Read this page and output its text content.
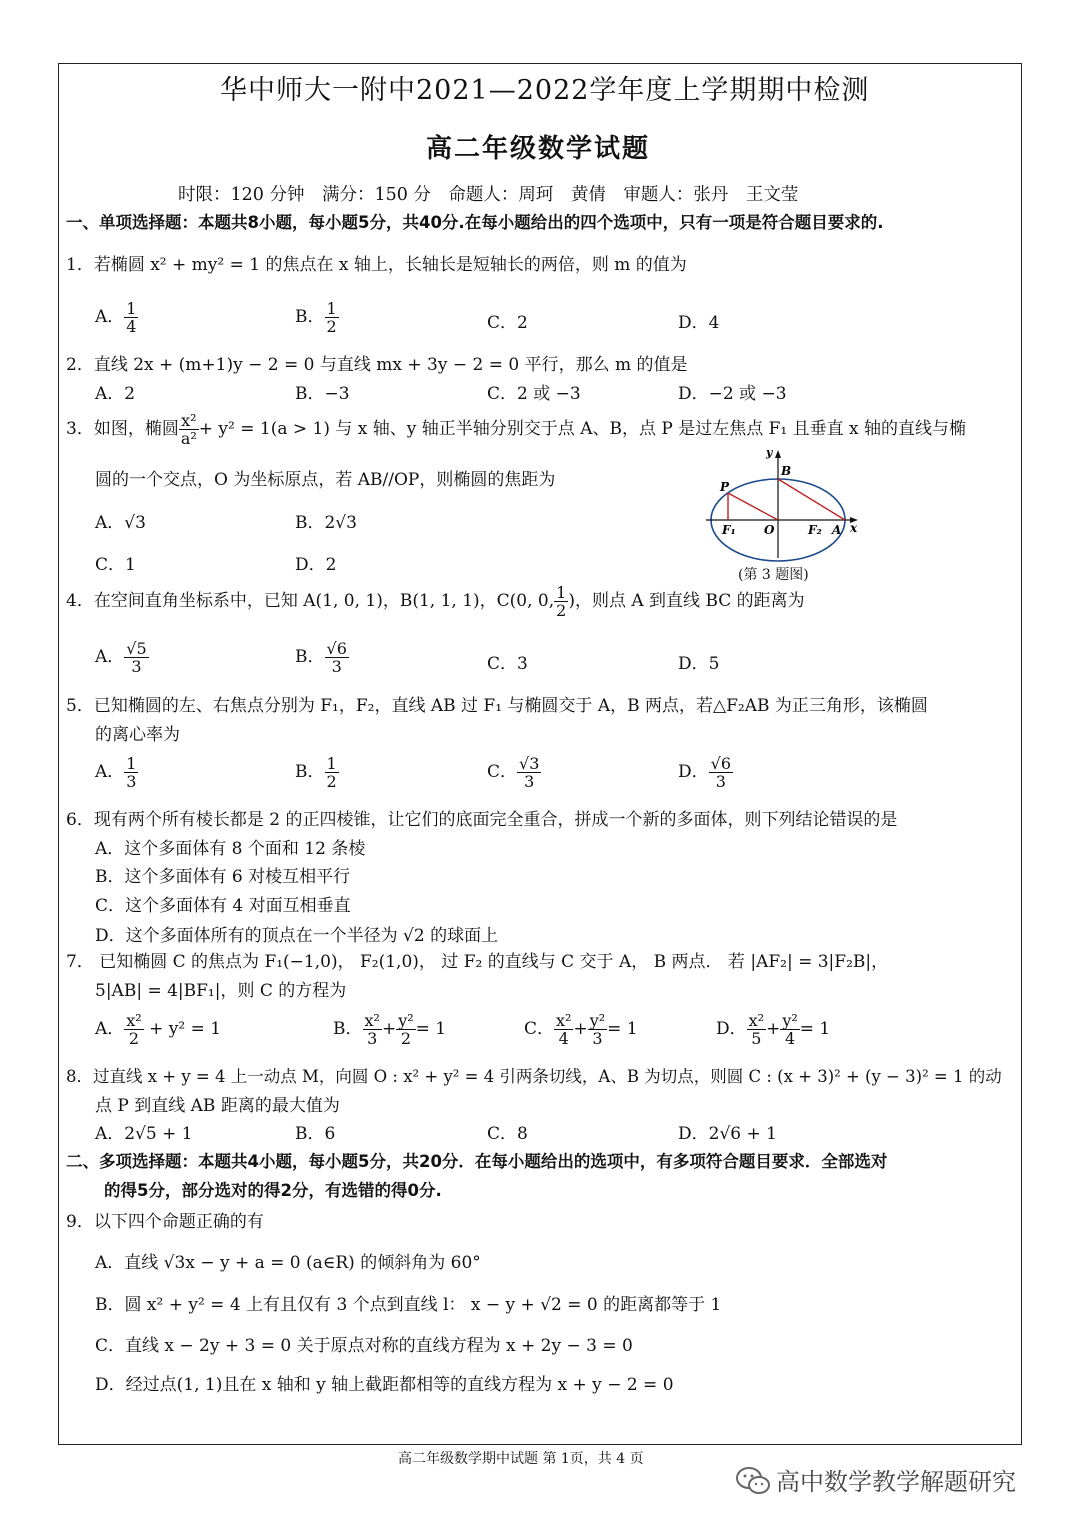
华中师大一附中2021—2022学年度上学期期中检测
高二年级数学试题
时限：120 分钟　满分：150 分　命题人：周珂　黄倩　审题人：张丹　王文莹
一、单项选择题：本题共8小题，每小题5分，共40分.在每小题给出的四个选项中，只有一项是符合题目要求的.
1．若椭圆 x² + my² = 1 的焦点在 x 轴上，长轴长是短轴长的两倍，则 m 的值为
A． $\frac{1}{4}$	B． $\frac{1}{2}$	C．2	D．4
2．直线 2x + (m+1)y − 2 = 0 与直线 mx + 3y − 2 = 0 平行，那么 m 的值是
A．2	B．−3	C．2 或 −3	D．−2 或 −3
3．如图，椭圆 $\frac{\text{x²}}{\text{a²}} + y^2 = 1(a > 1)$ 与 x 轴、y 轴正半轴分别交于点 A、B，点 P 是过左焦点 F₁ 且垂直 x 轴的直线与椭
圆的一个交点，O 为坐标原点，若 AB//OP，则椭圆的焦距为
A．√3	B．2√3
C．1	D．2
y
B
P
F₁ O	F₂ A x
(第 3 题图)
4．在空间直角坐标系中，已知 A(1, 0, 1)，B(1, 1, 1)，C(0, 0, $\frac{1}{2}$ )，则点 A 到直线 BC 的距离为
A． $\frac{√5}{3}$	B． $\frac{√6}{3}$	C．3	D．5
5．已知椭圆的左、右焦点分别为 F₁，F₂，直线 AB 过 F₁ 与椭圆交于 A，B 两点，若△F₂AB 为正三角形，该椭圆
的离心率为
A． $\frac{1}{3}$	B． $\frac{1}{2}$	C． $\frac{√3}{3}$	D． $\frac{√6}{3}$
6．现有两个所有棱长都是 2 的正四棱锥，让它们的底面完全重合，拼成一个新的多面体，则下列结论错误的是
A．这个多面体有 8 个面和 12 条棱
B．这个多面体有 6 对棱互相平行
C．这个多面体有 4 对面互相垂直
D．这个多面体所有的顶点在一个半径为 √2 的球面上
7． 已知椭圆 C 的焦点为 F₁(−1,0)， F₂(1,0)， 过 F₂ 的直线与 C 交于 A， B 两点． 若 |AF₂| = 3|F₂B|，
5|AB| = 4|BF₁|，则 C 的方程为
A． $\frac{\text{x²}}{2} + y^2 = 1$	B． $\frac{\text{x²}}{3} + \frac{\text{y²}}{2} = 1$	C． $\frac{\text{x²}}{4} + \frac{\text{y²}}{3} = 1$	D． $\frac{\text{x²}}{5} + \frac{\text{y²}}{4} = 1$
8．过直线 x + y = 4 上一动点 M，向圆 O : x² + y² = 4 引两条切线，A、B 为切点，则圆 C : (x + 3)² + (y − 3)² = 1 的动
点 P 到直线 AB 距离的最大值为
A．2√5 + 1	B．6	C．8	D．2√6 + 1
二、多项选择题：本题共4小题，每小题5分，共20分．在每小题给出的选项中，有多项符合题目要求．全部选对
的得5分，部分选对的得2分，有选错的得0分.
9．以下四个命题正确的有
A．直线 √3x − y + a = 0 (a∈R) 的倾斜角为 60°
B．圆 x² + y² = 4 上有且仅有 3 个点到直线 l： x − y + √2 = 0 的距离都等于 1
C．直线 x − 2y + 3 = 0 关于原点对称的直线方程为 x + 2y − 3 = 0
D．经过点(1, 1)且在 x 轴和 y 轴上截距都相等的直线方程为 x + y − 2 = 0
高二年级数学期中试题 第 1页，共 4 页
高中数学教学解题研究
